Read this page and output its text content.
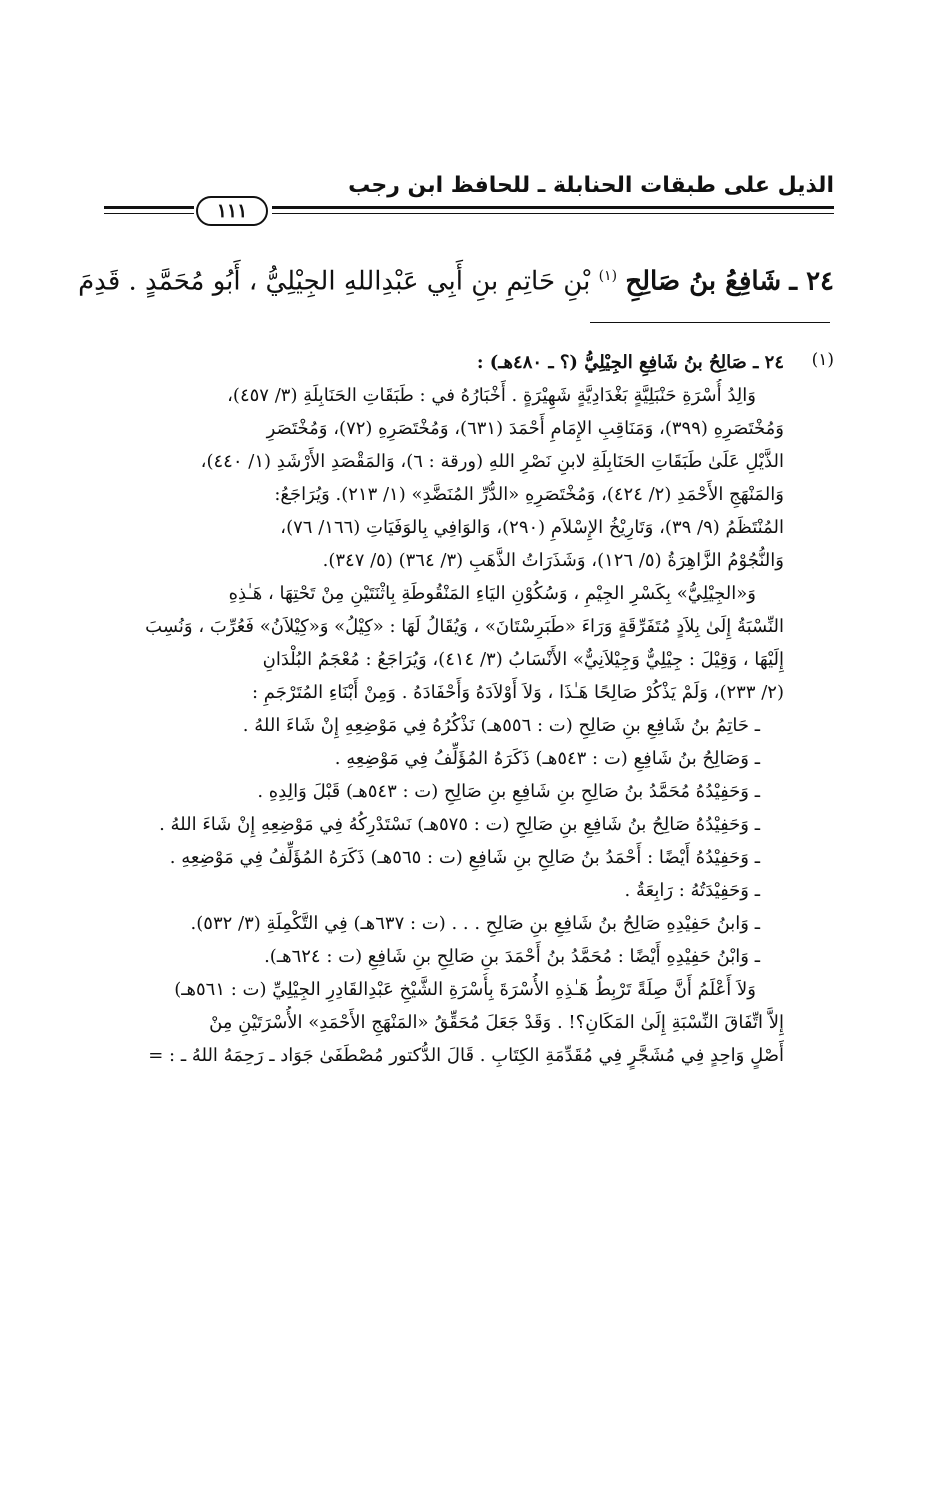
الذيل على طبقات الحنابلة ـ للحافظ ابن رجب
١١١
٢٤ ـ شَافِعُ بنُ صَالِحِ $^{(١)}$ بْنِ حَاتِمِ بنِ أَبِي عَبْدِاللهِ الجِيْلِيُّ ، أَبُو مُحَمَّدٍ . قَدِمَ
(١)
٢٤ ـ صَالِحُ بنُ شَافِعِ الجِيْلِيُّ (؟ ـ ٤٨٠هـ) :
وَالِدُ أُسْرَةِ حَنْبَلِيَّةٍ بَغْدَادِيَّةٍ شَهِيْرَةٍ . أَخْبَارُهُ في : طَبَقَاتِ الحَنَابِلَةِ (٣/ ٤٥٧)،
وَمُخْتَصَرِهِ (٣٩٩)، وَمَنَاقِبِ الإِمَامِ أَحْمَدَ (٦٣١)، وَمُخْتَصَرِهِ (٧٢)، وَمُخْتَصَرِ
الذَّيْلِ عَلَىٰ طَبَقَاتِ الحَنَابِلَةِ لابنِ نَصْرِ اللهِ (ورقة : ٦)، وَالمَقْصَدِ الأَرْشَدِ (١/ ٤٤٠)،
وَالمَنْهَجِ الأَحْمَدِ (٢/ ٤٢٤)، وَمُخْتَصَرِهِ «الدُّرِّ المُنَضَّدِ» (١/ ٢١٣). وَيُرَاجَعُ:
المُنْتَظَمُ (٩/ ٣٩)، وَتَارِيْخُ الإِسْلاَمِ (٢٩٠)، وَالوَافِي بِالوَفَيَاتِ (١٦٦/ ٧٦)،
وَالنُّجُوْمُ الزَّاهِرَةُ (٥/ ١٢٦)، وَشَذَرَاتُ الذَّهَبِ (٣/ ٣٦٤) (٥/ ٣٤٧).
وَ«الجِيْلِيُّ» بِكَسْرِ الجِيْمِ ، وَسُكُوْنِ اليَاءِ المَنْقُوطَةِ بِاثْنَتَيْنِ مِنْ تَحْتِهَا ، هَـٰذِهِ
النِّسْبَةُ إِلَىٰ بِلاَدٍ مُتَفَرِّقَةٍ وَرَاءَ «طَبَرِسْتَانَ» ، وَيُقَالُ لَهَا : «كِيْلُ» وَ«كِيْلاَنُ» فَعُرِّبَ ، وَنُسِبَ
إِلَيْهَا ، وَقِيْلَ : جِيْلِيٌّ وَجِيْلاَنِيٌّ» الأَنْسَابُ (٣/ ٤١٤)، وَيُرَاجَعُ : مُعْجَمُ البُلْدَانِ
(٢/ ٢٣٣)، وَلَمْ يَذْكُرْ صَالِحًا هَـٰذَا ، وَلاَ أَوْلاَدَهُ وَأَحْفَادَهُ . وَمِنْ أَبْنَاءِ المُتَرْجَمِ :
ـ حَاتِمُ بنُ شَافِعِ بنِ صَالِحِ (ت : ٥٥٦هـ) نَذْكُرُهُ فِي مَوْضِعِهِ إِنْ شَاءَ اللهُ .
ـ وَصَالِحُ بنُ شَافِعِ (ت : ٥٤٣هـ) ذَكَرَهُ المُؤَلِّفُ فِي مَوْضِعِهِ .
ـ وَحَفِيْدُهُ مُحَمَّدُ بنُ صَالِحِ بنِ شَافِعِ بنِ صَالِحِ (ت : ٥٤٣هـ) قَبْلَ وَالِدِهِ .
ـ وَحَفِيْدُهُ صَالِحُ بنُ شَافِعِ بنِ صَالِحِ (ت : ٥٧٥هـ) نَسْتَدْرِكُهُ فِي مَوْضِعِهِ إِنْ شَاءَ اللهُ .
ـ وَحَفِيْدُهُ أَيْضًا : أَحْمَدُ بنُ صَالِحِ بنِ شَافِعِ (ت : ٥٦٥هـ) ذَكَرَهُ المُؤَلِّفُ فِي مَوْضِعِهِ .
ـ وَحَفِيْدَتُهُ : رَابِعَةُ .
ـ وَابنُ حَفِيْدِهِ صَالِحُ بنُ شَافِعِ بنِ صَالِحِ . . . (ت : ٦٣٧هـ) فِي التَّكْمِلَةِ (٣/ ٥٣٢).
ـ وَابْنُ حَفِيْدِهِ أَيْضًا : مُحَمَّدُ بنُ أَحْمَدَ بنِ صَالِحِ بنِ شَافِعِ (ت : ٦٢٤هـ).
وَلاَ أَعْلَمُ أَنَّ صِلَةً تَرْبِطُ هَـٰذِهِ الأُسْرَةَ بِأُسْرَةِ الشَّيْخِ عَبْدِالقَادِرِ الجِيْلِيِّ (ت : ٥٦١هـ)
إِلاَّ اتِّفَاقَ النِّسْبَةِ إِلَىٰ المَكَانِ؟! . وَقَدْ جَعَلَ مُحَقِّقُ «المَنْهَجِ الأَحْمَدِ» الأُسْرَتَيْنِ مِنْ
أَصْلٍ وَاحِدٍ فِي مُشَجَّرٍ فِي مُقَدِّمَةِ الكِتَابِ . قَالَ الدُّكتور مُصْطَفَىٰ جَوَاد ـ رَحِمَهُ اللهُ ـ : =
